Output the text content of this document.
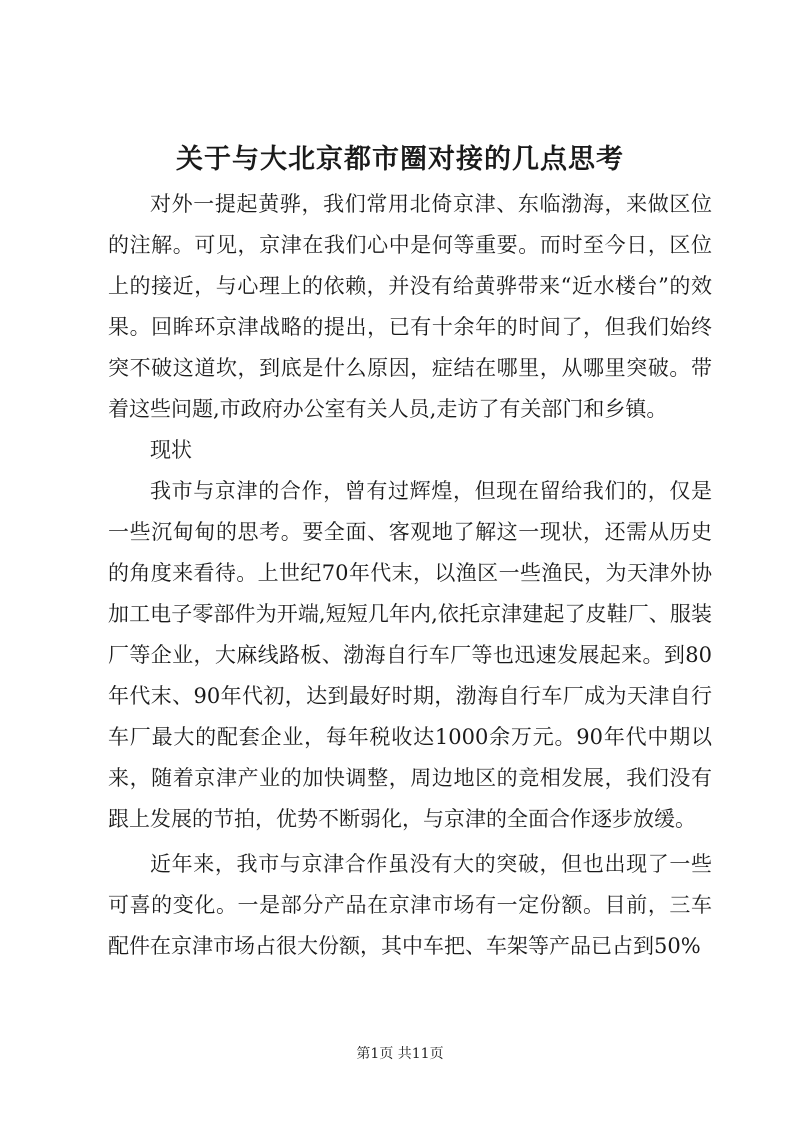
关于与大北京都市圈对接的几点思考

对外一提起黄骅，我们常用北倚京津、东临渤海，来做区位的注解。可见，京津在我们心中是何等重要。而时至今日，区位上的接近，与心理上的依赖，并没有给黄骅带来“近水楼台”的效果。回眸环京津战略的提出，已有十余年的时间了，但我们始终突不破这道坎，到底是什么原因，症结在哪里，从哪里突破。带着这些问题,市政府办公室有关人员,走访了有关部门和乡镇。

现状

我市与京津的合作，曾有过辉煌，但现在留给我们的，仅是一些沉甸甸的思考。要全面、客观地了解这一现状，还需从历史的角度来看待。上世纪70年代末，以渔区一些渔民，为天津外协加工电子零部件为开端,短短几年内,依托京津建起了皮鞋厂、服装厂等企业，大麻线路板、渤海自行车厂等也迅速发展起来。到80年代末、90年代初，达到最好时期，渤海自行车厂成为天津自行车厂最大的配套企业，每年税收达1000余万元。90年代中期以来，随着京津产业的加快调整，周边地区的竞相发展，我们没有跟上发展的节拍，优势不断弱化，与京津的全面合作逐步放缓。

近年来，我市与京津合作虽没有大的突破，但也出现了一些可喜的变化。一是部分产品在京津市场有一定份额。目前，三车配件在京津市场占很大份额，其中车把、车架等产品已占到50%

第1页 共11页
